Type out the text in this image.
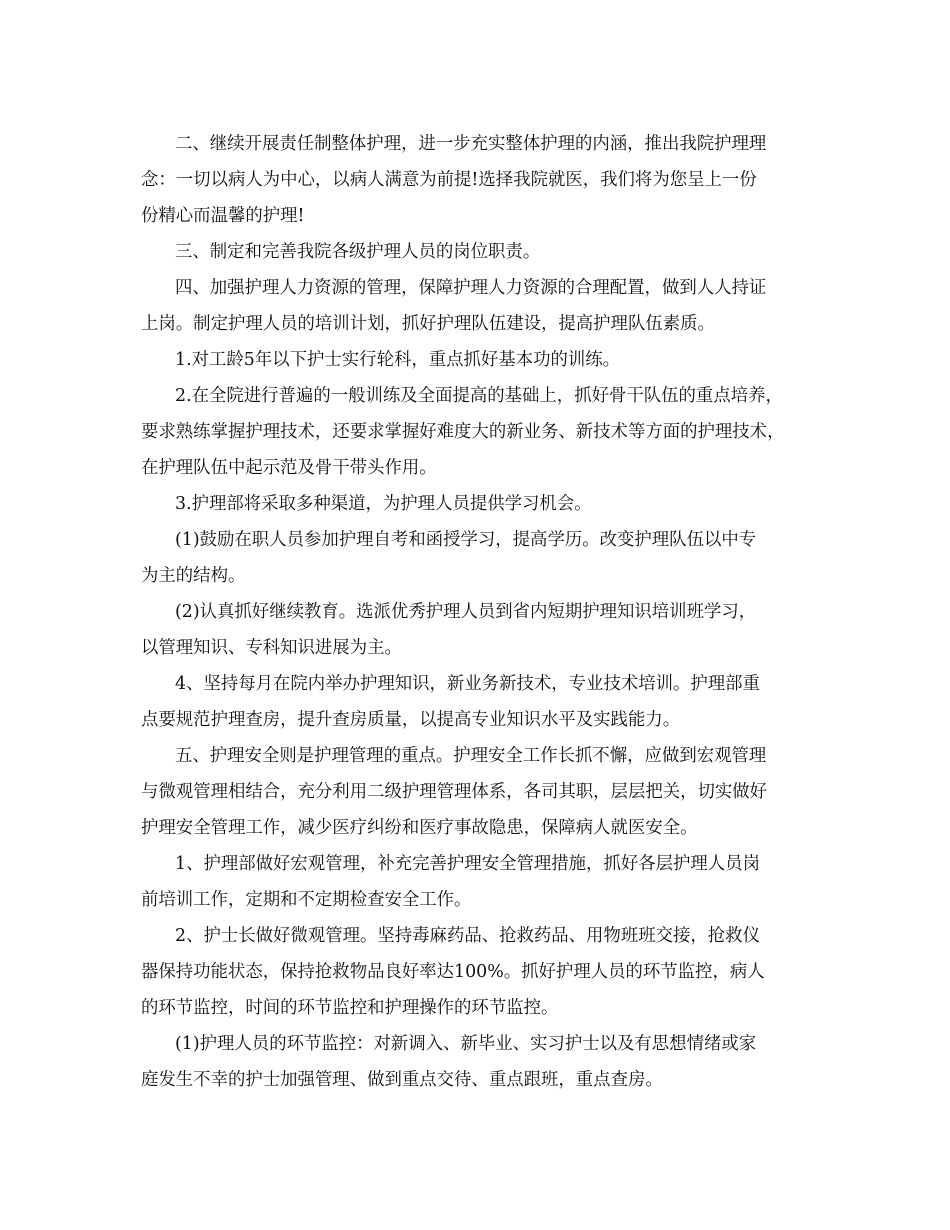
二、继续开展责任制整体护理，进一步充实整体护理的内涵，推出我院护理理
念：一切以病人为中心，以病人满意为前提!选择我院就医，我们将为您呈上一份
份精心而温馨的护理!
三、制定和完善我院各级护理人员的岗位职责。
四、加强护理人力资源的管理，保障护理人力资源的合理配置，做到人人持证
上岗。制定护理人员的培训计划，抓好护理队伍建设，提高护理队伍素质。
1.对工龄5年以下护士实行轮科，重点抓好基本功的训练。
2.在全院进行普遍的一般训练及全面提高的基础上，抓好骨干队伍的重点培养，
要求熟练掌握护理技术，还要求掌握好难度大的新业务、新技术等方面的护理技术，
在护理队伍中起示范及骨干带头作用。
3.护理部将采取多种渠道，为护理人员提供学习机会。
(1)鼓励在职人员参加护理自考和函授学习，提高学历。改变护理队伍以中专
为主的结构。
(2)认真抓好继续教育。选派优秀护理人员到省内短期护理知识培训班学习，
以管理知识、专科知识进展为主。
4、坚持每月在院内举办护理知识，新业务新技术，专业技术培训。护理部重
点要规范护理查房，提升查房质量，以提高专业知识水平及实践能力。
五、护理安全则是护理管理的重点。护理安全工作长抓不懈，应做到宏观管理
与微观管理相结合，充分利用二级护理管理体系，各司其职，层层把关，切实做好
护理安全管理工作，减少医疗纠纷和医疗事故隐患，保障病人就医安全。
1、护理部做好宏观管理，补充完善护理安全管理措施，抓好各层护理人员岗
前培训工作，定期和不定期检查安全工作。
2、护士长做好微观管理。坚持毒麻药品、抢救药品、用物班班交接，抢救仪
器保持功能状态，保持抢救物品良好率达100%。抓好护理人员的环节监控，病人
的环节监控，时间的环节监控和护理操作的环节监控。
(1)护理人员的环节监控：对新调入、新毕业、实习护士以及有思想情绪或家
庭发生不幸的护士加强管理、做到重点交待、重点跟班，重点查房。
